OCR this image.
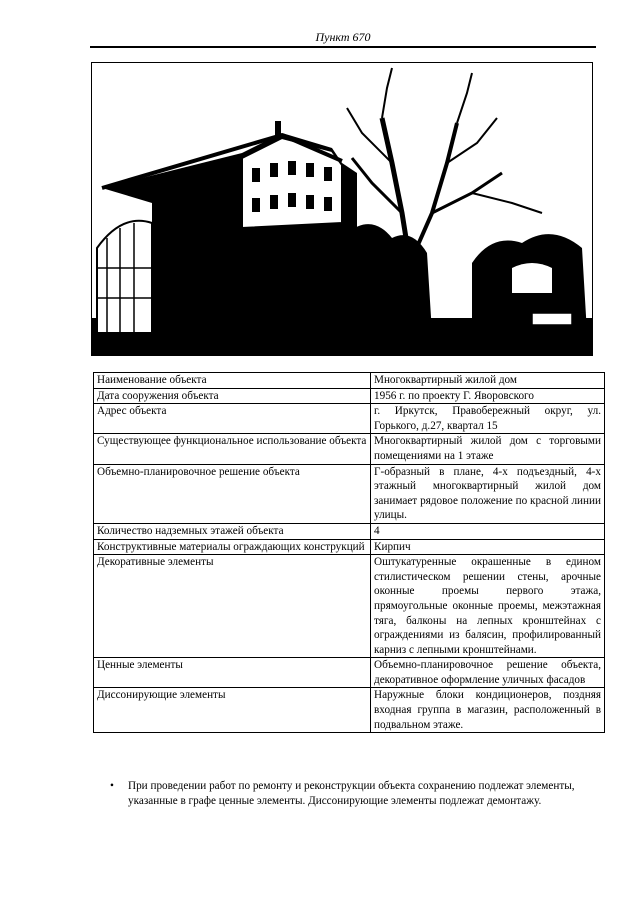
Пункт 670
Наименование объекта	Многоквартирный жилой дом
Дата сооружения объекта	1956 г. по проекту Г. Яворовского
Адрес объекта	г. Иркутск, Правобережный округ, ул. Горького, д.27, квартал 15
Существующее функциональное использование объекта	Многоквартирный жилой дом с торговыми помещениями на 1 этаже
Объемно-планировочное решение объекта	Г-образный в плане, 4-х подъездный, 4-х этажный многоквартирный жилой дом занимает рядовое положение по красной линии улицы.
Количество надземных этажей объекта	4
Конструктивные материалы ограждающих конструкций	Кирпич
Декоративные элементы	Оштукатуренные окрашенные в едином стилистическом решении стены, арочные оконные проемы первого этажа, прямоугольные оконные проемы, межэтажная тяга, балконы на лепных кронштейнах с ограждениями из балясин, профилированный карниз с лепными кронштейнами.
Ценные элементы	Объемно-планировочное решение объекта, декоративное оформление уличных фасадов
Диссонирующие элементы	Наружные блоки кондиционеров, поздняя входная группа в магазин, расположенный в подвальном этаже.
• При проведении работ по ремонту и реконструкции объекта сохранению подлежат элементы, указанные в графе ценные элементы. Диссонирующие элементы подлежат демонтажу.
